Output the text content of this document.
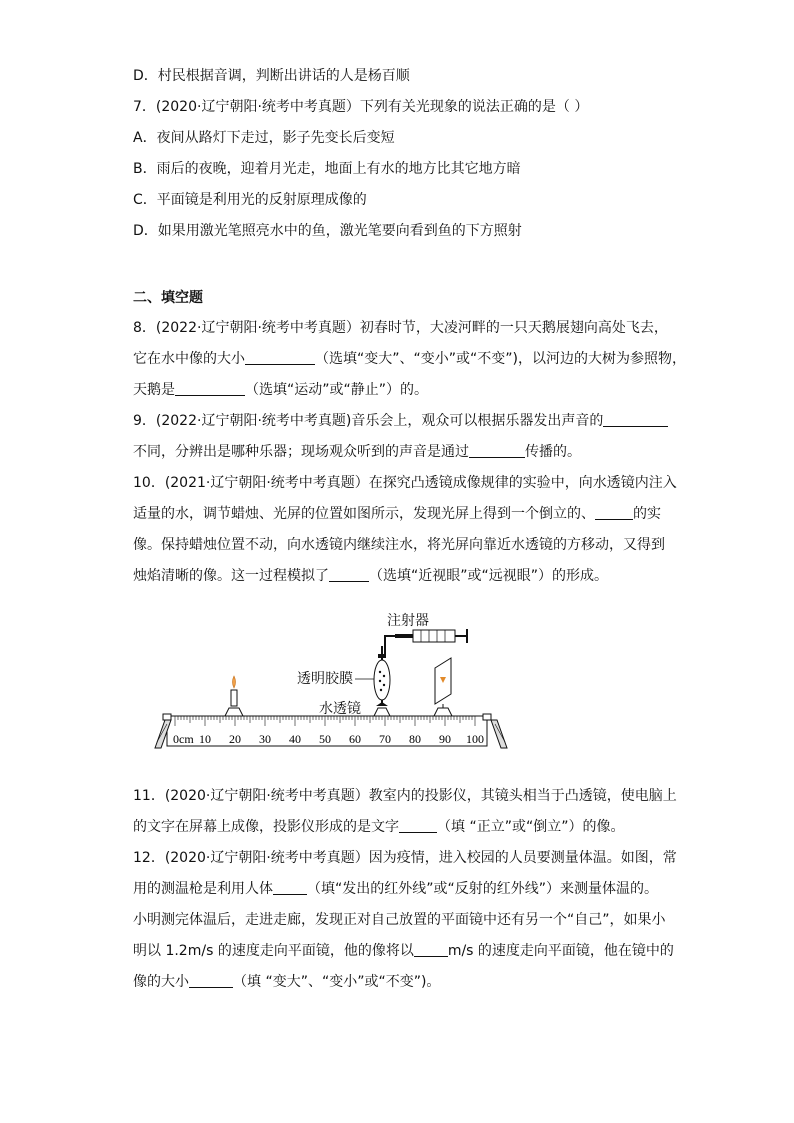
D．村民根据音调，判断出讲话的人是杨百顺
7．(2020·辽宁朝阳·统考中考真题）下列有关光现象的说法正确的是（ ）
A．夜间从路灯下走过，影子先变长后变短
B．雨后的夜晚，迎着月光走，地面上有水的地方比其它地方暗
C．平面镜是利用光的反射原理成像的
D．如果用激光笔照亮水中的鱼，激光笔要向看到鱼的下方照射
二、填空题
8．(2022·辽宁朝阳·统考中考真题）初春时节，大凌河畔的一只天鹅展翅向高处飞去，
它在水中像的大小	（选填“变大”、“变小”或“不变”)，以河边的大树为参照物，
天鹅是	（选填“运动”或“静止”）的。
9．(2022·辽宁朝阳·统考中考真题)音乐会上，观众可以根据乐器发出声音的
不同，分辨出是哪种乐器；现场观众听到的声音是通过	传播的。
10．(2021·辽宁朝阳·统考中考真题）在探究凸透镜成像规律的实验中，向水透镜内注入
适量的水，调节蜡烛、光屏的位置如图所示，发现光屏上得到一个倒立的、	的实
像。保持蜡烛位置不动，向水透镜内继续注水，将光屏向靠近水透镜的方移动，又得到
烛焰清晰的像。这一过程模拟了	（选填“近视眼”或“远视眼”）的形成。
注射器
透明胶膜
水透镜
0cm 10 20 30 40 50 60 70 80 90 100
11．(2020·辽宁朝阳·统考中考真题）教室内的投影仪，其镜头相当于凸透镜，使电脑上
的文字在屏幕上成像，投影仪形成的是文字	（填 “正立”或“倒立”）的像。
12．(2020·辽宁朝阳·统考中考真题）因为疫情，进入校园的人员要测量体温。如图，常
用的测温枪是利用人体 （填“发出的红外线”或“反射的红外线”）来测量体温的。
小明测完体温后，走进走廊，发现正对自己放置的平面镜中还有另一个“自己”，如果小
明以 1.2m/s 的速度走向平面镜，他的像将以 m/s 的速度走向平面镜，他在镜中的
像的大小	（填 “变大”、“变小”或“不变”)。
